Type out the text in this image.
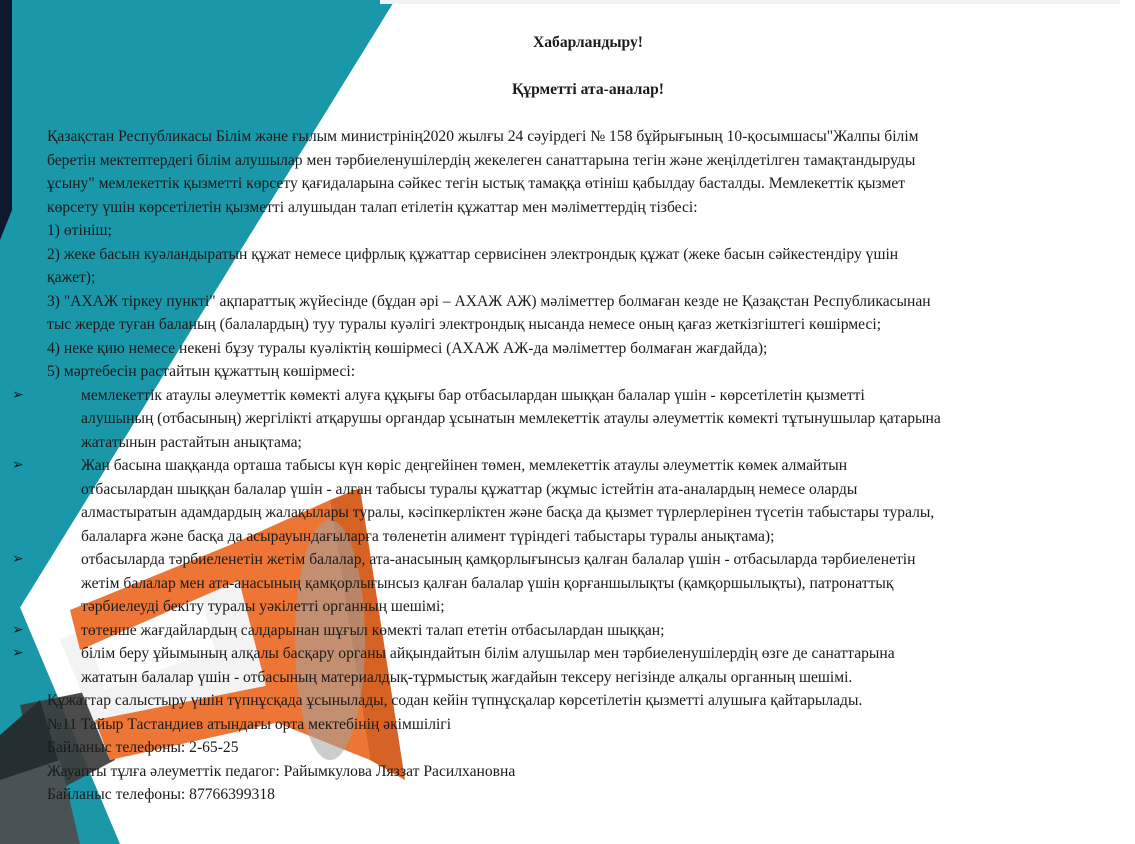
Хабарландыру!
Құрметті ата-аналар!
Қазақстан Республикасы Білім және ғылым министрінің2020 жылғы 24 сәуірдегі № 158 бұйрығының 10-қосымшасы"Жалпы білім
беретін мектептердегі білім алушылар мен тәрбиеленушілердің жекелеген санаттарына тегін және жеңілдетілген тамақтандыруды
ұсыну" мемлекеттік қызметті көрсету қағидаларына сәйкес тегін ыстық тамаққа өтініш қабылдау басталды. Мемлекеттік қызмет
көрсету үшін көрсетілетін қызметті алушыдан талап етілетін құжаттар мен мәліметтердің тізбесі:
1) өтініш;
2) жеке басын куәландыратын құжат немесе цифрлық құжаттар сервисінен электрондық құжат (жеке басын сәйкестендіру үшін
қажет);
3) "АХАЖ тіркеу пункті" ақпараттық жүйесінде (бұдан әрі – АХАЖ АЖ) мәліметтер болмаған кезде не Қазақстан Республикасынан
тыс жерде туған баланың (балалардың) туу туралы куәлігі электрондық нысанда немесе оның қағаз жеткізгіштегі көшірмесі;
4) неке қию немесе некені бұзу туралы куәліктің көшірмесі (АХАЖ АЖ-да мәліметтер болмаған жағдайда);
5) мәртебесін растайтын құжаттың көшірмесі:
➢	мемлекеттік атаулы әлеуметтік көмекті алуға құқығы бар отбасылардан шыққан балалар үшін - көрсетілетін қызметті
алушының (отбасының) жергілікті атқарушы органдар ұсынатын мемлекеттік атаулы әлеуметтік көмекті тұтынушылар қатарына
жататынын растайтын анықтама;
➢	Жан басына шаққанда орташа табысы күн көріс деңгейінен төмен, мемлекеттік атаулы әлеуметтік көмек алмайтын
отбасылардан шыққан балалар үшін - алған табысы туралы құжаттар (жұмыс істейтін ата-аналардың немесе оларды
алмастыратын адамдардың жалақылары туралы, кәсіпкерліктен және басқа да қызмет түрлерлерінен түсетін табыстары туралы,
балаларға және басқа да асырауындағыларға төленетін алимент түріндегі табыстары туралы анықтама);
➢	отбасыларда тәрбиеленетін жетім балалар, ата-анасының қамқорлығынсыз қалған балалар үшін - отбасыларда тәрбиеленетін
жетім балалар мен ата-анасының қамқорлығынсыз қалған балалар үшін қорғаншылықты (қамқоршылықты), патронаттық
тәрбиелеуді бекіту туралы уәкілетті органның шешімі;
➢	төтенше жағдайлардың салдарынан шұғыл көмекті талап ететін отбасылардан шыққан;
➢	білім беру ұйымының алқалы басқару органы айқындайтын білім алушылар мен тәрбиеленушілердің өзге де санаттарына
жататын балалар үшін - отбасының материалдық-тұрмыстық жағдайын тексеру негізінде алқалы органның шешімі.
Құжаттар салыстыру үшін түпнұсқада ұсынылады, содан кейін түпнұсқалар көрсетілетін қызметті алушыға қайтарылады.
№11 Тайыр Тастандиев атындағы орта мектебінің әкімшілігі
Байланыс телефоны: 2-65-25
Жауапты тұлға әлеуметтік педагог: Райымкулова Ляззат Расилхановна
Байланыс телефоны: 87766399318
